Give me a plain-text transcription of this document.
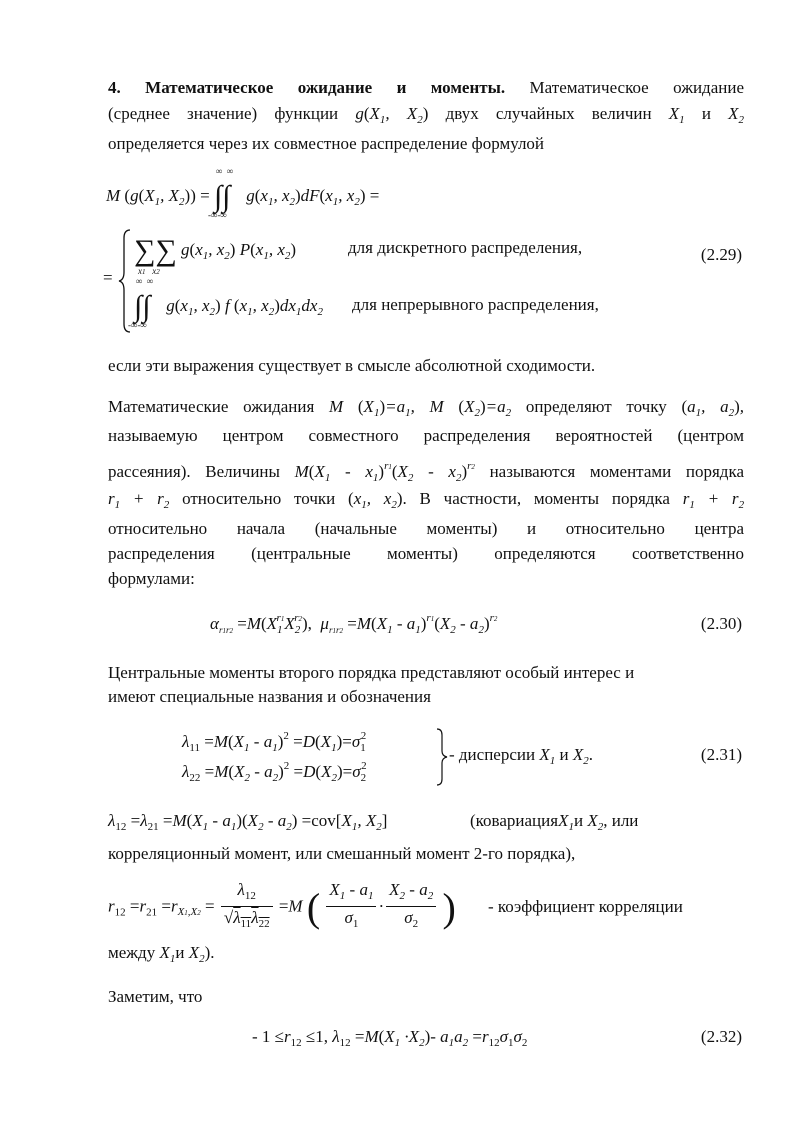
4. Математическое ожидание и моменты. Математическое ожидание
(среднее значение) функции $g(X_1$, $X_2$) двух случайных величин $X_1$ и $X_2$
определяется через их совместное распределение формулой
M ($g(X_1$, $X_2$)) =
∞  ∞
∫∫
-∞-∞
$g(x_1$, $x_2)dF(x_1$, $x_2$) =
=
∑∑
x1   x2
$g(x_1$, $x_2$) $P(x_1$, $x_2$)	для дискретного распределения,	(2.29)
∞  ∞
∫∫
-∞-∞
$g(x_1$, $x_2$) f ($x_1$, $x_2)dx_1dx_2$ для непрерывного распределения,
если эти выражения существует в смысле абсолютной сходимости.
Математические ожидания M $(X_1)=a_1$, M $(X_2)=a_2$ определяют точку ($a_1$, $a_2$),
называемую центром совместного распределения вероятностей (центром
рассеяния). Величины $M(X_1 - x_1)^{r1}(X_2 - x_2)^{r2}$ называются моментами порядка
$r_1 + r_2$ относительно точки ($x_1$, $x_2$). В частности, моменты порядка $r_1 + r_2$
относительно начала (начальные моменты) и относительно центра
распределения (центральные моменты) определяются соответственно
формулами:
$\alpha_{r1r2} =M(X_1^{r1}X_2^{r2})$,  $\mu_{r1r2} =M(X_1 - a_1)^{r1}(X_2 - a_2)^{r2}$	(2.30)
Центральные моменты второго порядка представляют особый интерес и
имеют специальные названия и обозначения
$\lambda_{11} =M(X_1 - a_1)^2 =D(X_1)=\sigma_1^2$
$\lambda_{22} =M(X_2 - a_2)^2 =D(X_2)=\sigma_2^2$
- дисперсии $X_1$ и $X_2$.	(2.31)
$\lambda_{12} =\lambda_{21} =M(X_1 - a_1)(X_2 - a_2) =cov[X_1$, $X_2$]	(ковариацияX$_1$и $X_2$, или
корреляционный момент, или смешанный момент 2-го порядка),
$r_{12} =r_{21} =r_{X1,X2} = \frac{\lambda_{12}}{√\lambda_{11}\lambda_{22}} =M$ ( $\frac{X_1 - a_1}{\sigma_1} \cdot \frac{X_2 - a_2}{\sigma_2}$ ) - коэффициент корреляции
между $X_1и$ $X_2$).
Заметим, что
- $1 \le r_{12} \le 1$, $\lambda_{12} =M(X_1 \cdot X_2)-$ $a_1a_2 =r_{12}\sigma_1\sigma_2$	(2.32)
